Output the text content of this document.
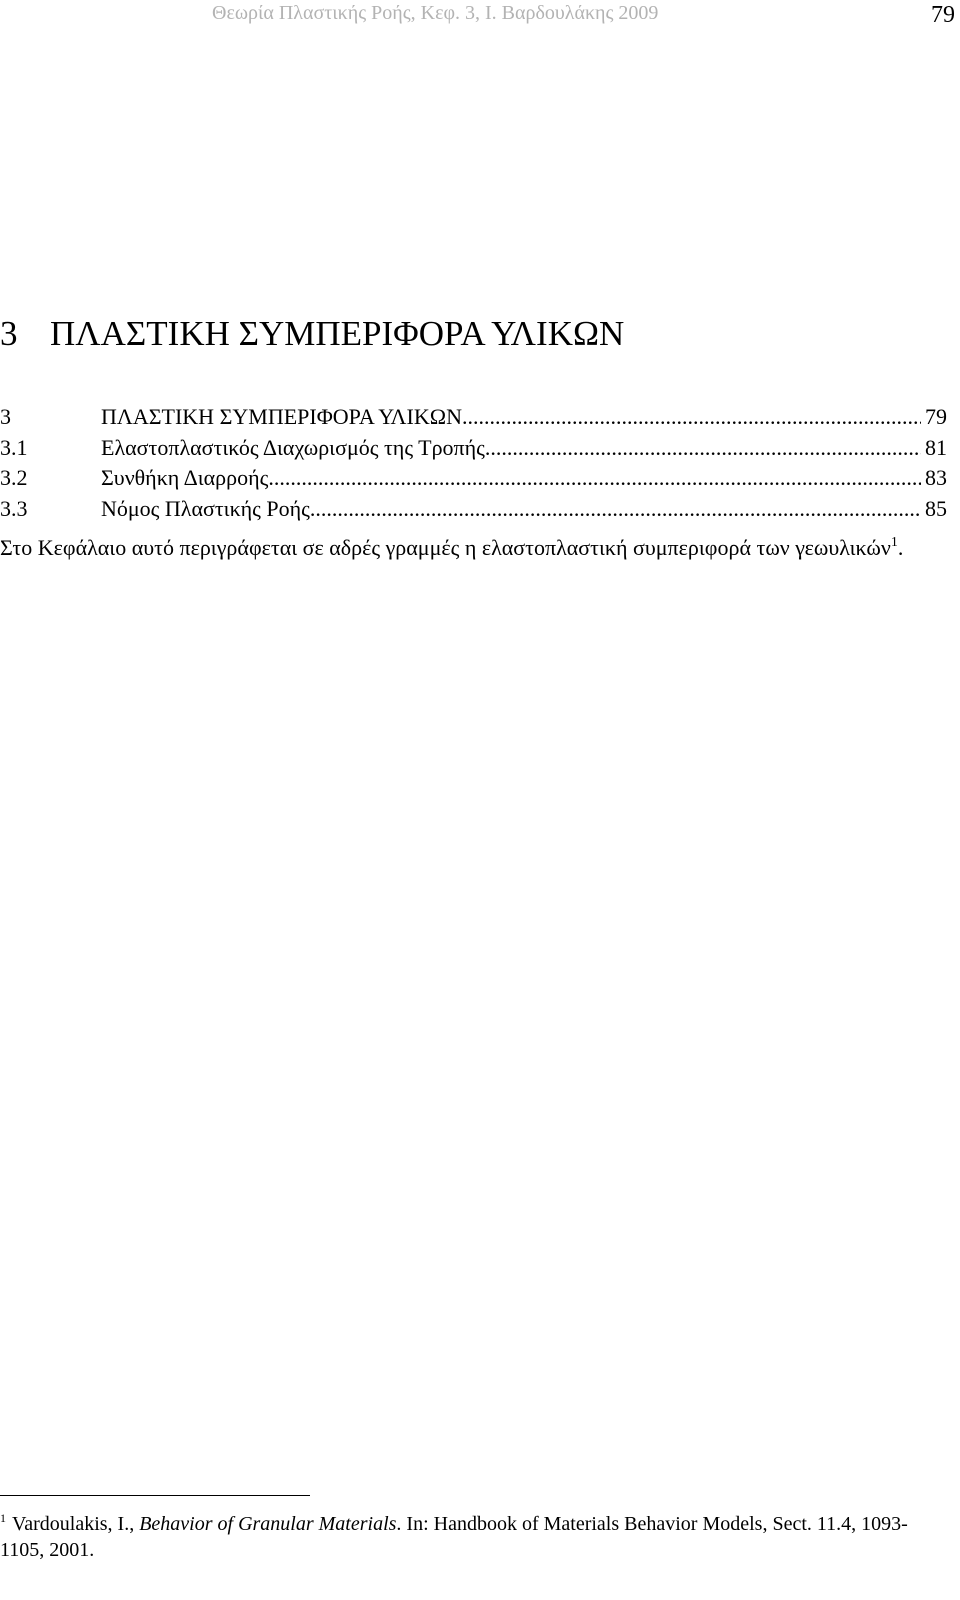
Θεωρία Πλαστικής Ροής, Κεφ. 3, Ι. Βαρδουλάκης 2009	79
3 ΠΛΑΣΤΙΚΗ ΣΥΜΠΕΡΙΦΟΡΑ ΥΛΙΚΩΝ
3	ΠΛΑΣΤΙΚΗ ΣΥΜΠΕΡΙΦΟΡΑ ΥΛΙΚΩΝ .....	79
3.1	Ελαστοπλαστικός Διαχωρισμός της Τροπής .....	81
3.2	Συνθήκη Διαρροής .....	83
3.3	Νόμος Πλαστικής Ροής .....	85

Στο Κεφάλαιο αυτό περιγράφεται σε αδρές γραμμές η ελαστοπλαστική συμπεριφορά των γεωυλικών$^1$.

$^1$ Vardoulakis, I., Behavior of Granular Materials. In: Handbook of Materials Behavior Models, Sect. 11.4, 1093-1105, 2001.
